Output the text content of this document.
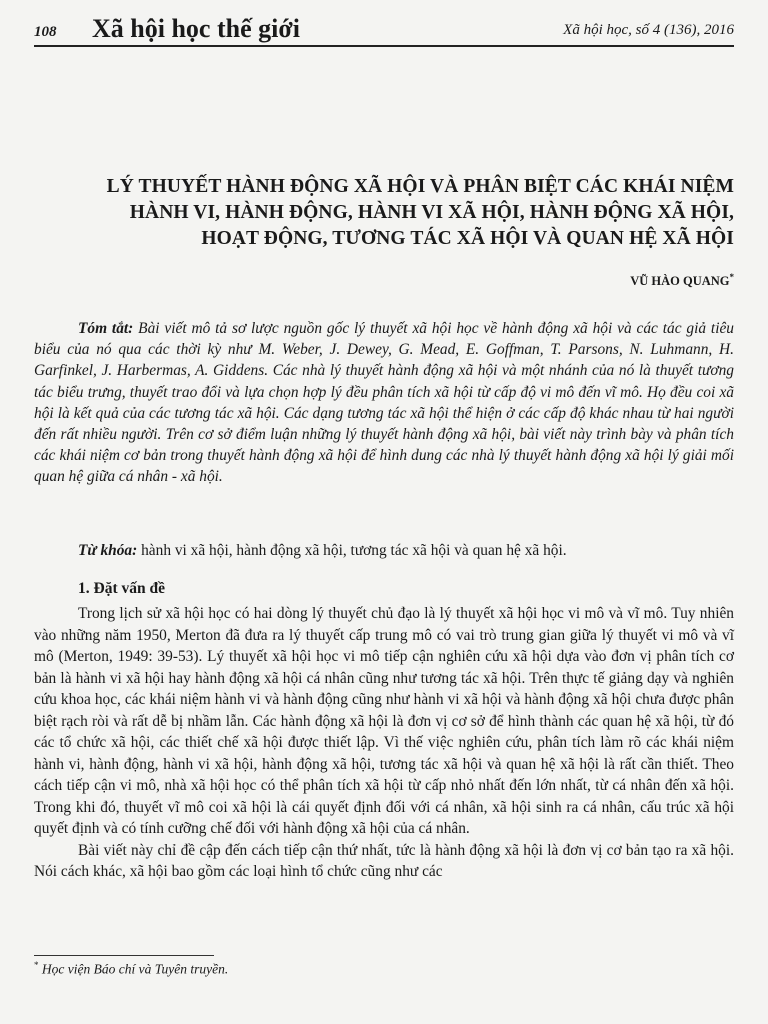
108 Xã hội học thế giới	Xã hội học, số 4 (136), 2016
LÝ THUYẾT HÀNH ĐỘNG XÃ HỘI VÀ PHÂN BIỆT CÁC KHÁI NIỆM
HÀNH VI, HÀNH ĐỘNG, HÀNH VI XÃ HỘI, HÀNH ĐỘNG XÃ HỘI,
HOẠT ĐỘNG, TƯƠNG TÁC XÃ HỘI VÀ QUAN HỆ XÃ HỘI
VŨ HÀO QUANG*
Tóm tắt: Bài viết mô tả sơ lược nguồn gốc lý thuyết xã hội học về hành động xã hội và các tác giả tiêu biểu của nó qua các thời kỳ như M. Weber, J. Dewey, G. Mead, E. Goffman, T. Parsons, N. Luhmann, H. Garfinkel, J. Harbermas, A. Giddens. Các nhà lý thuyết hành động xã hội và một nhánh của nó là thuyết tương tác biểu trưng, thuyết trao đổi và lựa chọn hợp lý đều phân tích xã hội từ cấp độ vi mô đến vĩ mô. Họ đều coi xã hội là kết quả của các tương tác xã hội. Các dạng tương tác xã hội thể hiện ở các cấp độ khác nhau từ hai người đến rất nhiều người. Trên cơ sở điểm luận những lý thuyết hành động xã hội, bài viết này trình bày và phân tích các khái niệm cơ bản trong thuyết hành động xã hội để hình dung các nhà lý thuyết hành động xã hội lý giải mối quan hệ giữa cá nhân - xã hội.
Từ khóa: hành vi xã hội, hành động xã hội, tương tác xã hội và quan hệ xã hội.
1. Đặt vấn đề

Trong lịch sử xã hội học có hai dòng lý thuyết chủ đạo là lý thuyết xã hội học vi mô và vĩ mô. Tuy nhiên vào những năm 1950, Merton đã đưa ra lý thuyết cấp trung mô có vai trò trung gian giữa lý thuyết vi mô và vĩ mô (Merton, 1949: 39-53). Lý thuyết xã hội học vi mô tiếp cận nghiên cứu xã hội dựa vào đơn vị phân tích cơ bản là hành vi xã hội hay hành động xã hội cá nhân cũng như tương tác xã hội. Trên thực tế giảng dạy và nghiên cứu khoa học, các khái niệm hành vi và hành động cũng như hành vi xã hội và hành động xã hội chưa được phân biệt rạch ròi và rất dễ bị nhầm lẫn. Các hành động xã hội là đơn vị cơ sở để hình thành các quan hệ xã hội, từ đó các tổ chức xã hội, các thiết chế xã hội được thiết lập. Vì thế việc nghiên cứu, phân tích làm rõ các khái niệm hành vi, hành động, hành vi xã hội, hành động xã hội, tương tác xã hội và quan hệ xã hội là rất cần thiết. Theo cách tiếp cận vi mô, nhà xã hội học có thể phân tích xã hội từ cấp nhỏ nhất đến lớn nhất, từ cá nhân đến xã hội. Trong khi đó, thuyết vĩ mô coi xã hội là cái quyết định đối với cá nhân, xã hội sinh ra cá nhân, cấu trúc xã hội quyết định và có tính cưỡng chế đối với hành động xã hội của cá nhân.

Bài viết này chỉ đề cập đến cách tiếp cận thứ nhất, tức là hành động xã hội là đơn vị cơ bản tạo ra xã hội. Nói cách khác, xã hội bao gồm các loại hình tổ chức cũng như các

* Học viện Báo chí và Tuyên truyền.
